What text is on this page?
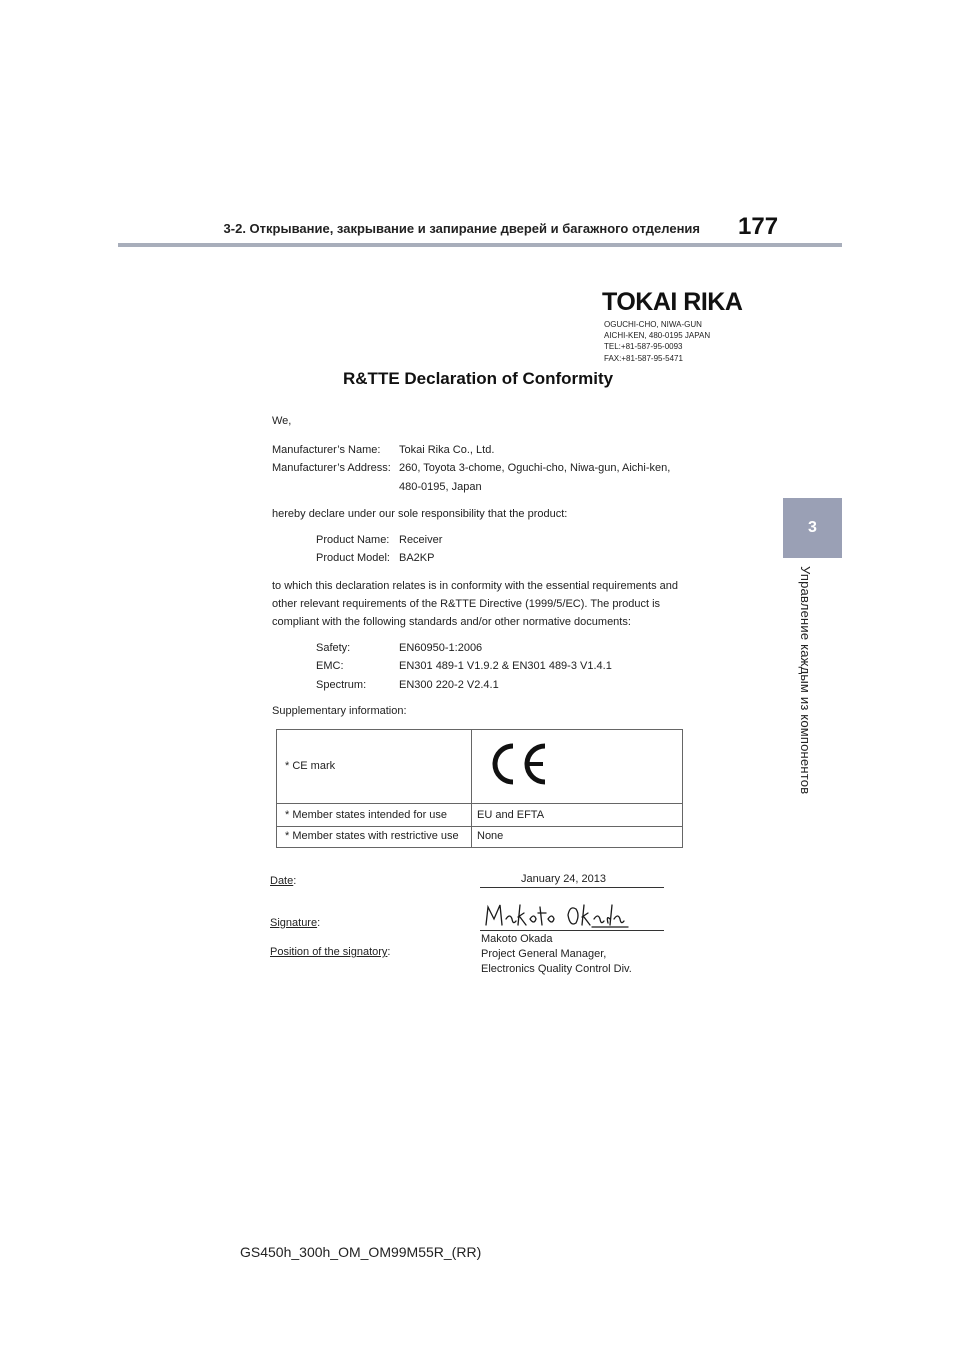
3-2. Открывание, закрывание и запирание дверей и багажного отделения 177
3
Управление каждым из компонентов
TOKAI RIKA
OGUCHI-CHO, NIWA-GUN
AICHI-KEN, 480-0195 JAPAN
TEL:+81-587-95-0093
FAX:+81-587-95-5471
R&TTE Declaration of Conformity
We,
Manufacturer’s Name: Tokai Rika Co., Ltd.
Manufacturer’s Address: 260, Toyota 3-chome, Oguchi-cho, Niwa-gun, Aichi-ken,
480-0195, Japan
hereby declare under our sole responsibility that the product:
Product Name: Receiver
Product Model: BA2KP
to which this declaration relates is in conformity with the essential requirements and
other relevant requirements of the R&TTE Directive (1999/5/EC). The product is
compliant with the following standards and/or other normative documents:
Safety:	EN60950-1:2006
EMC:	EN301 489-1 V1.9.2 & EN301 489-3 V1.4.1
Spectrum:	EN300 220-2 V2.4.1
Supplementary information:
* CE mark
* Member states intended for use	EU and EFTA
* Member states with restrictive use None
Date:	January 24, 2013
Signature:
Position of the signatory:
Makoto Okada
Project General Manager,
Electronics Quality Control Div.
GS450h_300h_OM_OM99M55R_(RR)
